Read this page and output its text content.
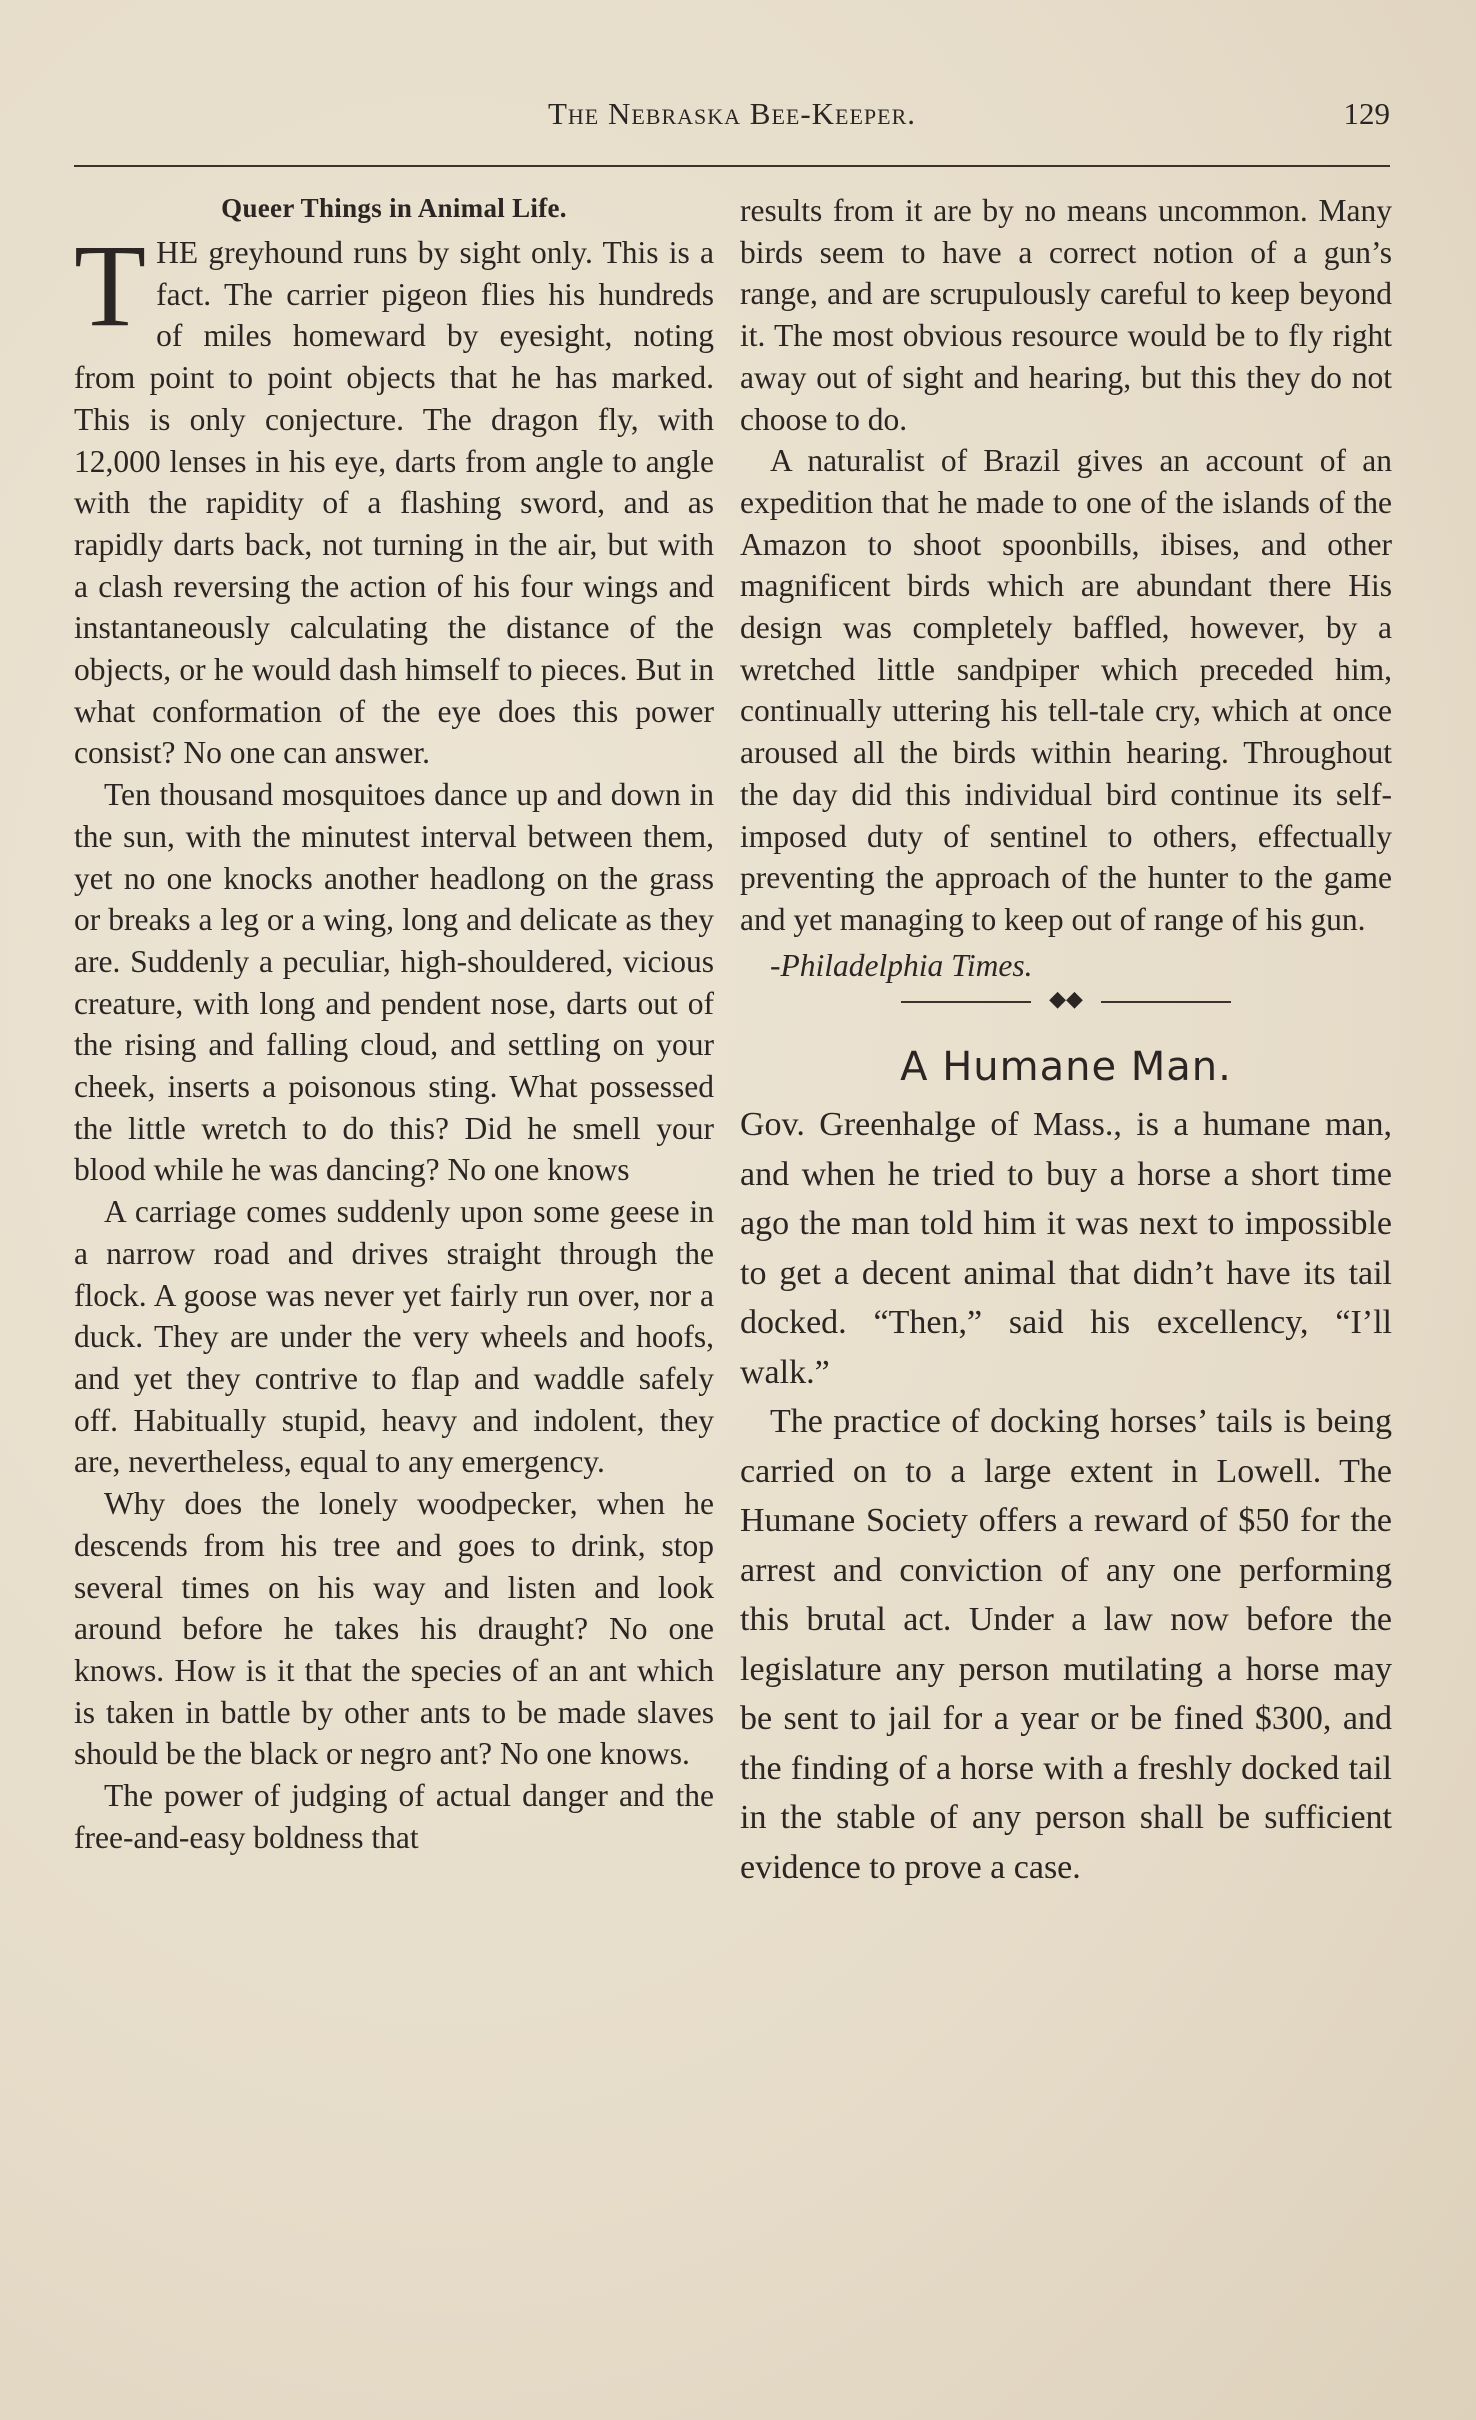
The Nebraska Bee-Keeper.	129
Queer Things in Animal Life.

THE greyhound runs by sight only. This is a fact. The carrier pigeon flies his hundreds of miles homeward by eyesight, noting from point to point objects that he has marked. This is only conjecture. The dragon fly, with 12,000 lenses in his eye, darts from angle to angle with the rapidity of a flashing sword, and as rapidly darts back, not turning in the air, but with a clash reversing the action of his four wings and instantaneously calculating the distance of the objects, or he would dash himself to pieces. But in what conformation of the eye does this power consist? No one can answer.

Ten thousand mosquitoes dance up and down in the sun, with the minutest interval between them, yet no one knocks another headlong on the grass or breaks a leg or a wing, long and delicate as they are. Suddenly a peculiar, high-shouldered, vicious creature, with long and pendent nose, darts out of the rising and falling cloud, and settling on your cheek, inserts a poisonous sting. What possessed the little wretch to do this? Did he smell your blood while he was dancing? No one knows

A carriage comes suddenly upon some geese in a narrow road and drives straight through the flock. A goose was never yet fairly run over, nor a duck. They are under the very wheels and hoofs, and yet they contrive to flap and waddle safely off. Habitually stupid, heavy and indolent, they are, nevertheless, equal to any emergency.

Why does the lonely woodpecker, when he descends from his tree and goes to drink, stop several times on his way and listen and look around before he takes his draught? No one knows. How is it that the species of an ant which is taken in battle by other ants to be made slaves should be the black or negro ant? No one knows.

The power of judging of actual danger and the free-and-easy boldness that

results from it are by no means uncommon. Many birds seem to have a correct notion of a gun’s range, and are scrupulously careful to keep beyond it. The most obvious resource would be to fly right away out of sight and hearing, but this they do not choose to do.

A naturalist of Brazil gives an account of an expedition that he made to one of the islands of the Amazon to shoot spoonbills, ibises, and other magnificent birds which are abundant there His design was completely baffled, however, by a wretched little sandpiper which preceded him, continually uttering his tell-tale cry, which at once aroused all the birds within hearing. Throughout the day did this individual bird continue its self-imposed duty of sentinel to others, effectually preventing the approach of the hunter to the game and yet managing to keep out of range of his gun.

-Philadelphia Times.
◆◆
A Humane Man.

Gov. Greenhalge of Mass., is a humane man, and when he tried to buy a horse a short time ago the man told him it was next to impossible to get a decent animal that didn’t have its tail docked. “Then,” said his excellency, “I’ll walk.”

The practice of docking horses’ tails is being carried on to a large extent in Lowell. The Humane Society offers a reward of $50 for the arrest and conviction of any one performing this brutal act. Under a law now before the legislature any person mutilating a horse may be sent to jail for a year or be fined $300, and the finding of a horse with a freshly docked tail in the stable of any person shall be sufficient evidence to prove a case.
